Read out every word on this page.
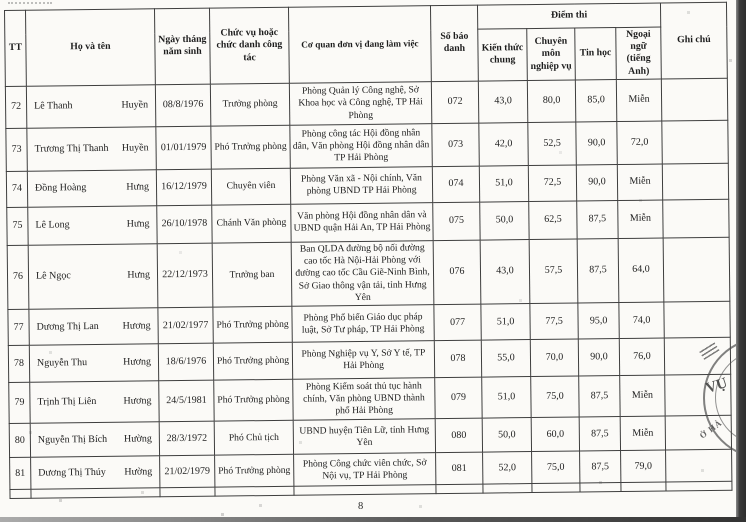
TT	Họ và tên	Ngày tháng năm sinh	Chức vụ hoặc chức danh công tác	Cơ quan đơn vị đang làm việc	Số báo danh	Điểm thi				Ghi chú
						Kiến thức chung	Chuyên môn nghiệp vụ	Tin học	Ngoại ngữ (tiếng Anh)	
72	Lê Thanh Huyền	08/8/1976	Trưởng phòng	Phòng Quản lý Công nghệ, Sở Khoa học và Công nghệ, TP Hải Phòng	072	43,0	80,0	85,0	Miễn	
73	Trương Thị Thanh Huyền	01/01/1979	Phó Trưởng phòng	Phòng công tác Hội đồng nhân dân, Văn phòng Hội đồng nhân dân TP Hải Phòng	073	42,0	52,5	90,0	72,0	
74	Đồng Hoàng Hưng	16/12/1979	Chuyên viên	Phòng Văn xã - Nội chính, Văn phòng UBND TP Hải Phòng	074	51,0	72,5	90,0	Miễn	
75	Lê Long Hưng	26/10/1978	Chánh Văn phòng	Văn phòng Hội đồng nhân dân và UBND quận Hải An, TP Hải Phòng	075	50,0	62,5	87,5	Miễn	
76	Lê Ngọc Hưng	22/12/1973	Trưởng ban	Ban QLDA đường bộ nối đường cao tốc Hà Nội-Hải Phòng với đường cao tốc Cầu Giẽ-Ninh Bình, Sở Giao thông vận tải, tỉnh Hưng Yên	076	43,0	57,5	87,5	64,0	
77	Dương Thị Lan Hương	21/02/1977	Phó Trưởng phòng	Phòng Phổ biến Giáo dục pháp luật, Sở Tư pháp, TP Hải Phòng	077	51,0	77,5	95,0	74,0	
78	Nguyễn Thu Hương	18/6/1976	Phó Trưởng phòng	Phòng Nghiệp vụ Y, Sở Y tế, TP Hải Phòng	078	55,0	70,0	90,0	76,0	
79	Trịnh Thị Liên Hương	24/5/1981	Phó Trưởng phòng	Phòng Kiểm soát thủ tục hành chính, Văn phòng UBND thành phố Hải Phòng	079	51,0	75,0	87,5	Miễn	
80	Nguyễn Thị Bích Hường	28/3/1972	Phó Chủ tịch	UBND huyện Tiên Lữ, tỉnh Hưng Yên	080	50,0	60,0	87,5	Miễn	
81	Dương Thị Thúy Hường	21/02/1979	Phó Trưởng phòng	Phòng Công chức viên chức, Sở Nội vụ, TP Hải Phòng	081	52,0	75,0	87,5	79,0	

8
VỤ
Ở HẢ
